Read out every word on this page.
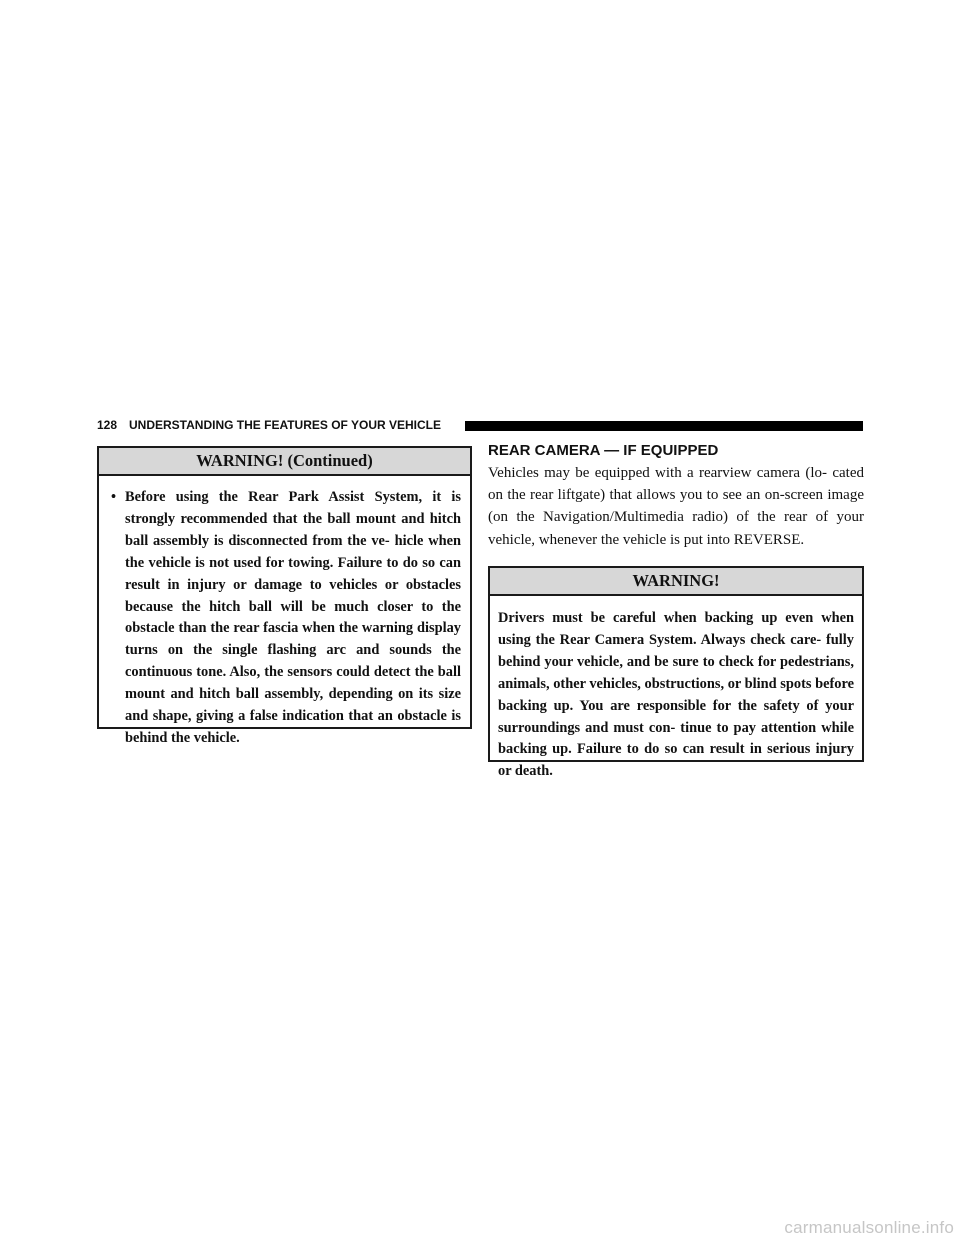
128 UNDERSTANDING THE FEATURES OF YOUR VEHICLE
WARNING! (Continued)
• Before using the Rear Park Assist System, it is strongly recommended that the ball mount and hitch ball assembly is disconnected from the ve- hicle when the vehicle is not used for towing. Failure to do so can result in injury or damage to vehicles or obstacles because the hitch ball will be much closer to the obstacle than the rear fascia when the warning display turns on the single flashing arc and sounds the continuous tone. Also, the sensors could detect the ball mount and hitch ball assembly, depending on its size and shape, giving a false indication that an obstacle is behind the vehicle.
REAR CAMERA — IF EQUIPPED
Vehicles may be equipped with a rearview camera (lo- cated on the rear liftgate) that allows you to see an on-screen image (on the Navigation/Multimedia radio) of the rear of your vehicle, whenever the vehicle is put into REVERSE.
WARNING!
Drivers must be careful when backing up even when using the Rear Camera System. Always check care- fully behind your vehicle, and be sure to check for pedestrians, animals, other vehicles, obstructions, or blind spots before backing up. You are responsible for the safety of your surroundings and must con- tinue to pay attention while backing up. Failure to do so can result in serious injury or death.
carmanualsonline.info
